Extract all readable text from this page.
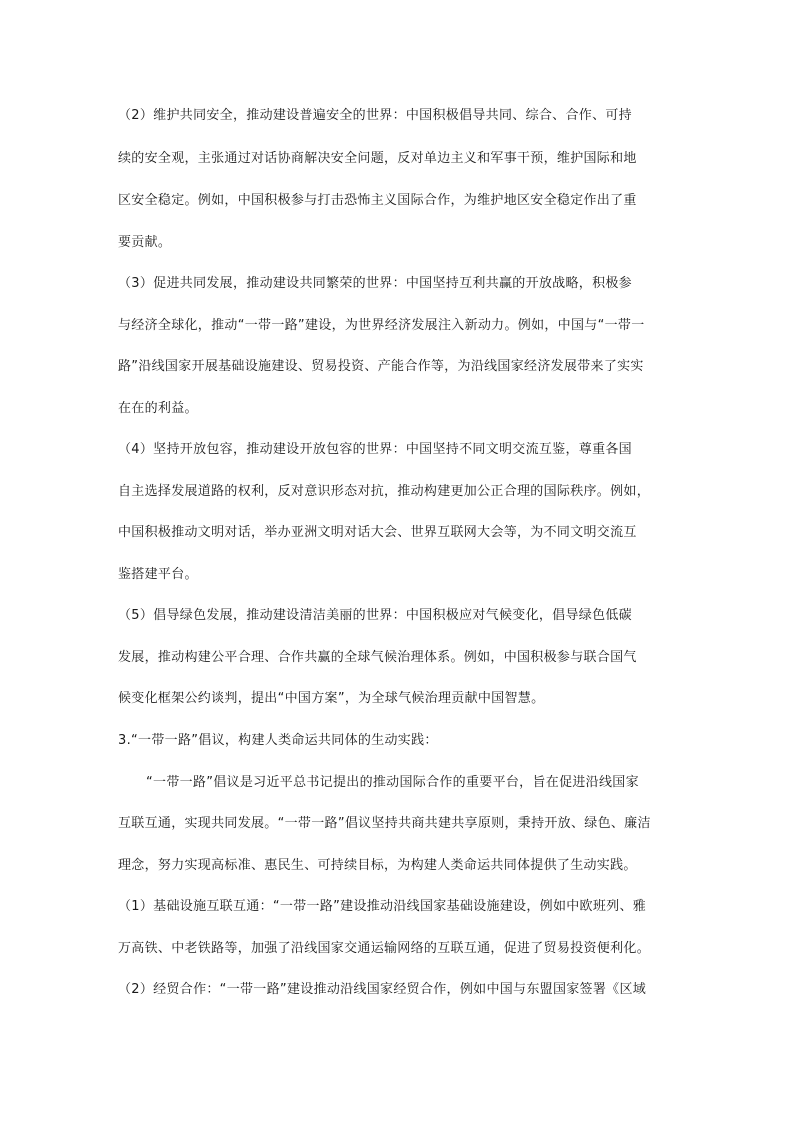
（2）维护共同安全，推动建设普遍安全的世界：中国积极倡导共同、综合、合作、可持
续的安全观，主张通过对话协商解决安全问题，反对单边主义和军事干预，维护国际和地
区安全稳定。例如，中国积极参与打击恐怖主义国际合作，为维护地区安全稳定作出了重
要贡献。
（3）促进共同发展，推动建设共同繁荣的世界：中国坚持互利共赢的开放战略，积极参
与经济全球化，推动“一带一路”建设，为世界经济发展注入新动力。例如，中国与“一带一
路”沿线国家开展基础设施建设、贸易投资、产能合作等，为沿线国家经济发展带来了实实
在在的利益。
（4）坚持开放包容，推动建设开放包容的世界：中国坚持不同文明交流互鉴，尊重各国
自主选择发展道路的权利，反对意识形态对抗，推动构建更加公正合理的国际秩序。例如，
中国积极推动文明对话，举办亚洲文明对话大会、世界互联网大会等，为不同文明交流互
鉴搭建平台。
（5）倡导绿色发展，推动建设清洁美丽的世界：中国积极应对气候变化，倡导绿色低碳
发展，推动构建公平合理、合作共赢的全球气候治理体系。例如，中国积极参与联合国气
候变化框架公约谈判，提出“中国方案”，为全球气候治理贡献中国智慧。
3.“一带一路”倡议，构建人类命运共同体的生动实践：
“一带一路”倡议是习近平总书记提出的推动国际合作的重要平台，旨在促进沿线国家
互联互通，实现共同发展。“一带一路”倡议坚持共商共建共享原则，秉持开放、绿色、廉洁
理念，努力实现高标准、惠民生、可持续目标，为构建人类命运共同体提供了生动实践。
（1）基础设施互联互通：“一带一路”建设推动沿线国家基础设施建设，例如中欧班列、雅
万高铁、中老铁路等，加强了沿线国家交通运输网络的互联互通，促进了贸易投资便利化。
（2）经贸合作：“一带一路”建设推动沿线国家经贸合作，例如中国与东盟国家签署《区域
